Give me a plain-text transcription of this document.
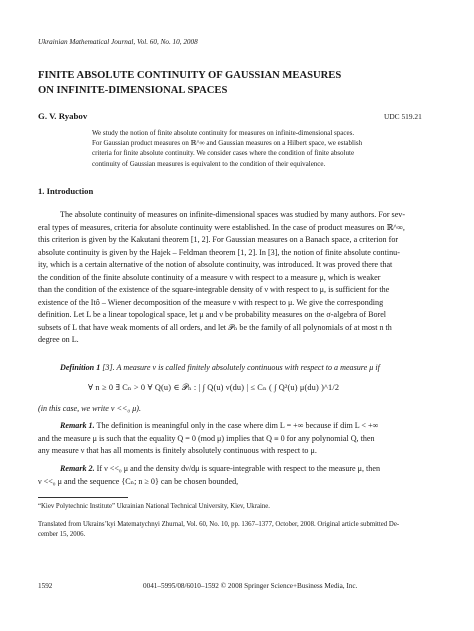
Ukrainian Mathematical Journal, Vol. 60, No. 10, 2008
FINITE ABSOLUTE CONTINUITY OF GAUSSIAN MEASURES
ON INFINITE-DIMENSIONAL SPACES
G. V. Ryabov	UDC 519.21
We study the notion of finite absolute continuity for measures on infinite-dimensional spaces.
For Gaussian product measures on ℝ^∞ and Gaussian measures on a Hilbert space, we establish
criteria for finite absolute continuity. We consider cases where the condition of finite absolute
continuity of Gaussian measures is equivalent to the condition of their equivalence.
1. Introduction
The absolute continuity of measures on infinite-dimensional spaces was studied by many authors. For sev-
eral types of measures, criteria for absolute continuity were established. In the case of product measures on ℝ^∞,
this criterion is given by the Kakutani theorem [1, 2]. For Gaussian measures on a Banach space, a criterion for
absolute continuity is given by the Hajek – Feldman theorem [1, 2]. In [3], the notion of finite absolute continu-
ity, which is a certain alternative of the notion of absolute continuity, was introduced. It was proved there that
the condition of the finite absolute continuity of a measure ν with respect to a measure μ, which is weaker
than the condition of the existence of the square-integrable density of ν with respect to μ, is sufficient for the
existence of the Itô – Wiener decomposition of the measure ν with respect to μ. We give the corresponding
definition. Let L be a linear topological space, let μ and ν be probability measures on the σ-algebra of Borel
subsets of L that have weak moments of all orders, and let 𝒫ₙ be the family of all polynomials of at most n th
degree on L.
Definition 1 [3]. A measure ν is called finitely absolutely continuous with respect to a measure μ if
∀ n ≥ 0 ∃ Cₙ > 0 ∀ Q(u) ∈ 𝒫ₙ : | ∫ Q(u) ν(du) | ≤ Cₙ ( ∫ Q²(u) μ(du) )^1/2
(in this case, we write ν <<₀ μ).
Remark 1. The definition is meaningful only in the case where dim L = +∞ because if dim L < +∞
and the measure μ is such that the equality Q = 0 (mod μ) implies that Q ≡ 0 for any polynomial Q, then
any measure ν that has all moments is finitely absolutely continuous with respect to μ.
Remark 2. If ν <<₀ μ and the density dν/dμ is square-integrable with respect to the measure μ, then
ν <<₀ μ and the sequence {Cₙ; n ≥ 0} can be chosen bounded,
“Kiev Polytechnic Institute” Ukrainian National Technical University, Kiev, Ukraine.
Translated from Ukrains’kyi Matematychnyi Zhurnal, Vol. 60, No. 10, pp. 1367–1377, October, 2008. Original article submitted De-
cember 15, 2006.
1592	0041–5995/08/6010–1592 © 2008 Springer Science+Business Media, Inc.
